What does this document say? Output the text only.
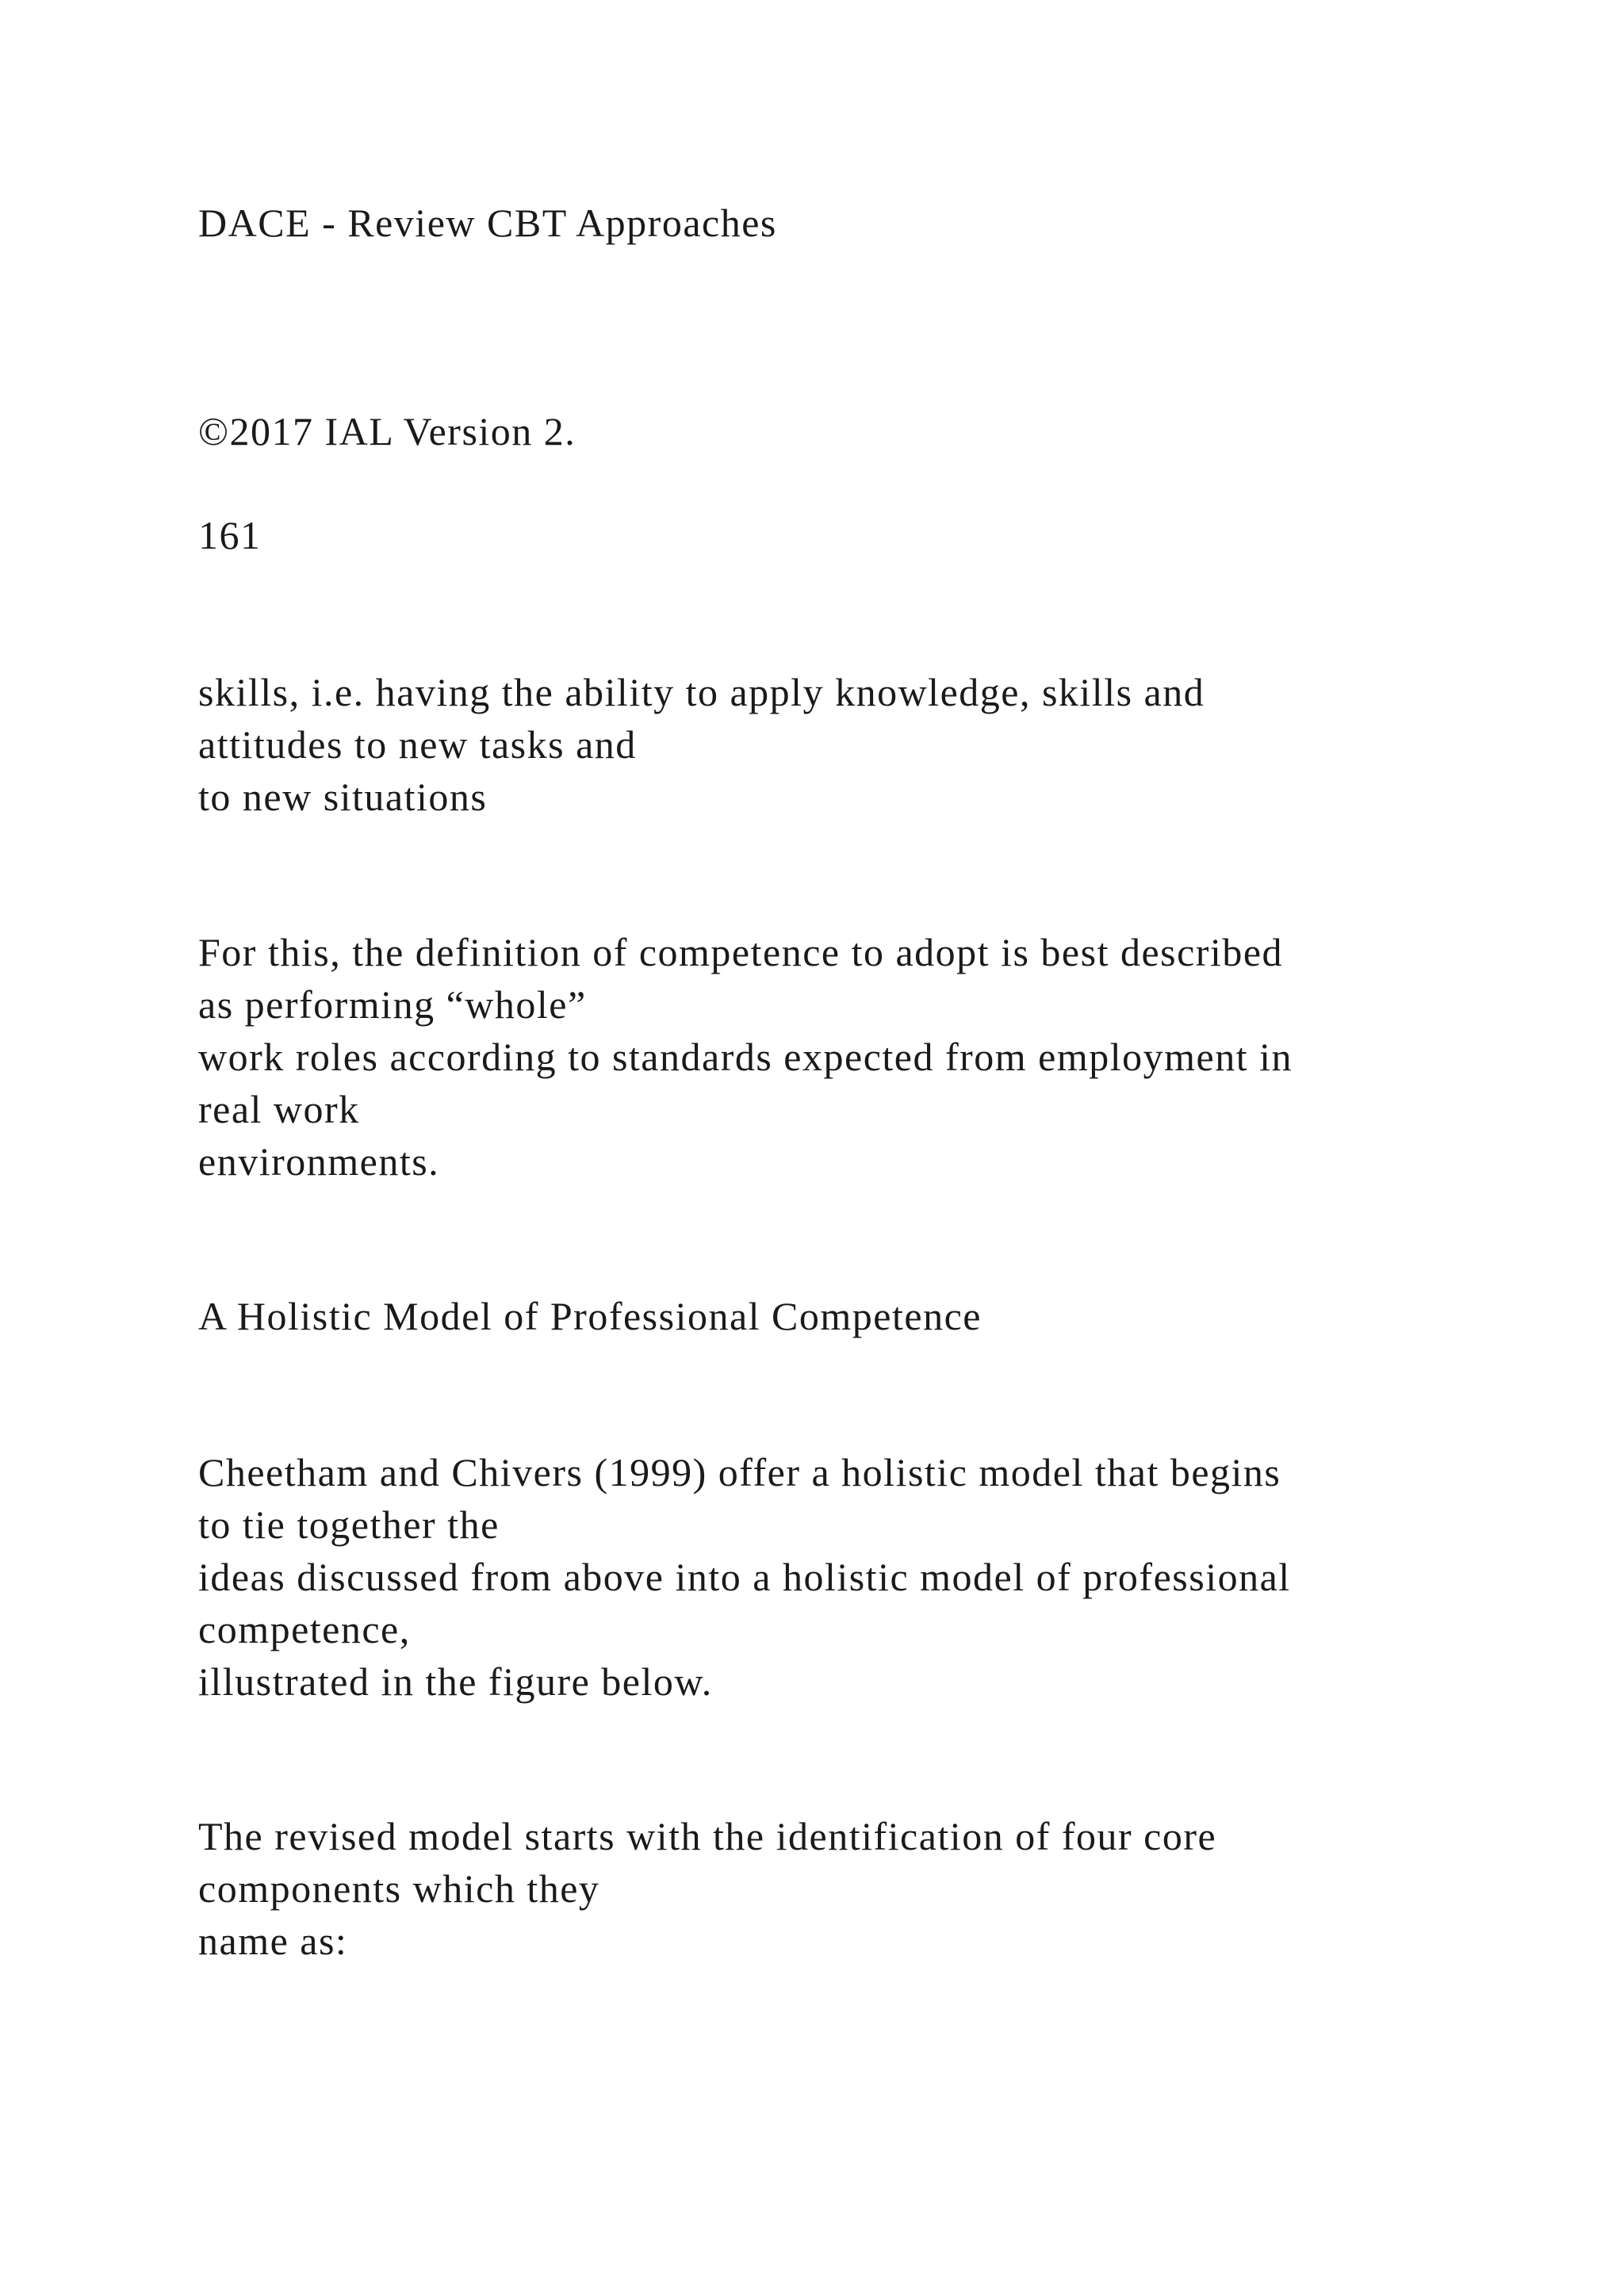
DACE - Review CBT Approaches
©2017 IAL Version 2.
161
skills, i.e. having the ability to apply knowledge, skills and
attitudes to new tasks and
to new situations
For this, the definition of competence to adopt is best described
as performing “whole”
work roles according to standards expected from employment in
real work
environments.
A Holistic Model of Professional Competence
Cheetham and Chivers (1999) offer a holistic model that begins
to tie together the
ideas discussed from above into a holistic model of professional
competence,
illustrated in the figure below.
The revised model starts with the identification of four core
components which they
name as:
